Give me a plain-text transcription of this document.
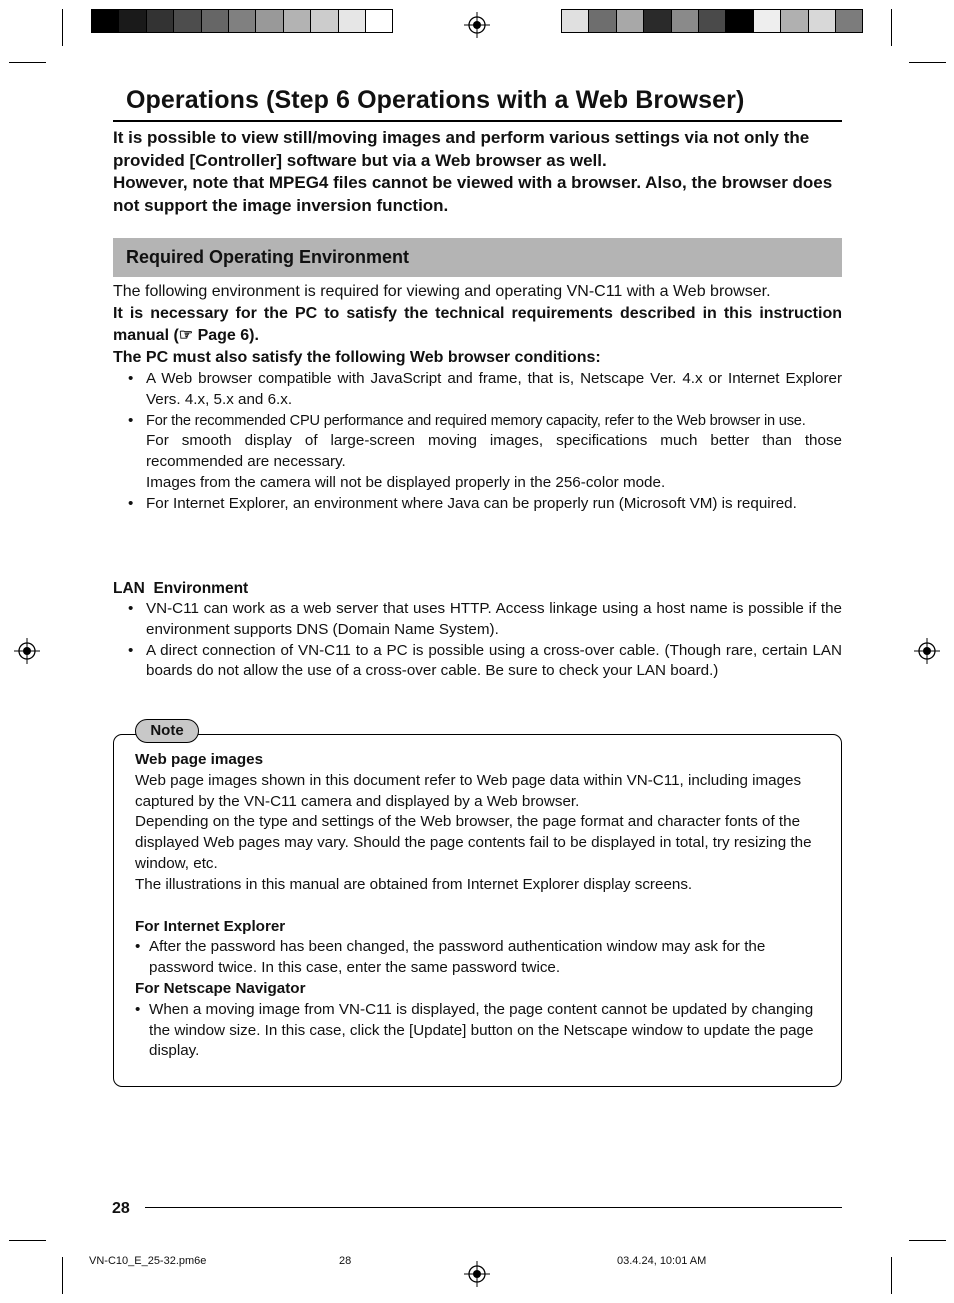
Operations (Step 6 Operations with a Web Browser)

It is possible to view still/moving images and perform various settings via not only the provided [Controller] software but via a Web browser as well.

However, note that MPEG4 files cannot be viewed with a browser. Also, the browser does not support the image inversion function.

Required Operating Environment

The following environment is required for viewing and operating VN-C11 with a Web browser.

It is necessary for the PC to satisfy the technical requirements described in this instruction manual (☞ Page 6).

The PC must also satisfy the following Web browser conditions:

• A Web browser compatible with JavaScript and frame, that is, Netscape Ver. 4.x or Internet Explorer Vers. 4.x, 5.x and 6.x.

• For the recommended CPU performance and required memory capacity, refer to the Web browser in use.

For smooth display of large-screen moving images, specifications much better than those recommended are necessary.

Images from the camera will not be displayed properly in the 256-color mode.

• For Internet Explorer, an environment where Java can be properly run (Microsoft VM) is required.

LAN  Environment

• VN-C11 can work as a web server that uses HTTP. Access linkage using a host name is possible if the environment supports DNS (Domain Name System).

• A direct connection of VN-C11 to a PC is possible using a cross-over cable. (Though rare, certain LAN boards do not allow the use of a cross-over cable. Be sure to check your LAN board.)

Note

Web page images

Web page images shown in this document refer to Web page data within VN-C11, including images captured by the VN-C11 camera and displayed by a Web browser.

Depending on the type and settings of the Web browser, the page format and character fonts of the displayed Web pages may vary. Should the page contents fail to be displayed in total, try resizing the window, etc.

The illustrations in this manual are obtained from Internet Explorer display screens.

For Internet Explorer

• After the password has been changed, the password authentication window may ask for the password twice. In this case, enter the same password twice.

For Netscape Navigator

• When a moving image from VN-C11 is displayed, the page content cannot be updated by changing the window size. In this case, click the [Update] button on the Netscape window to update the page display.

28
VN-C10_E_25-32.pm6e	28	03.4.24, 10:01 AM
